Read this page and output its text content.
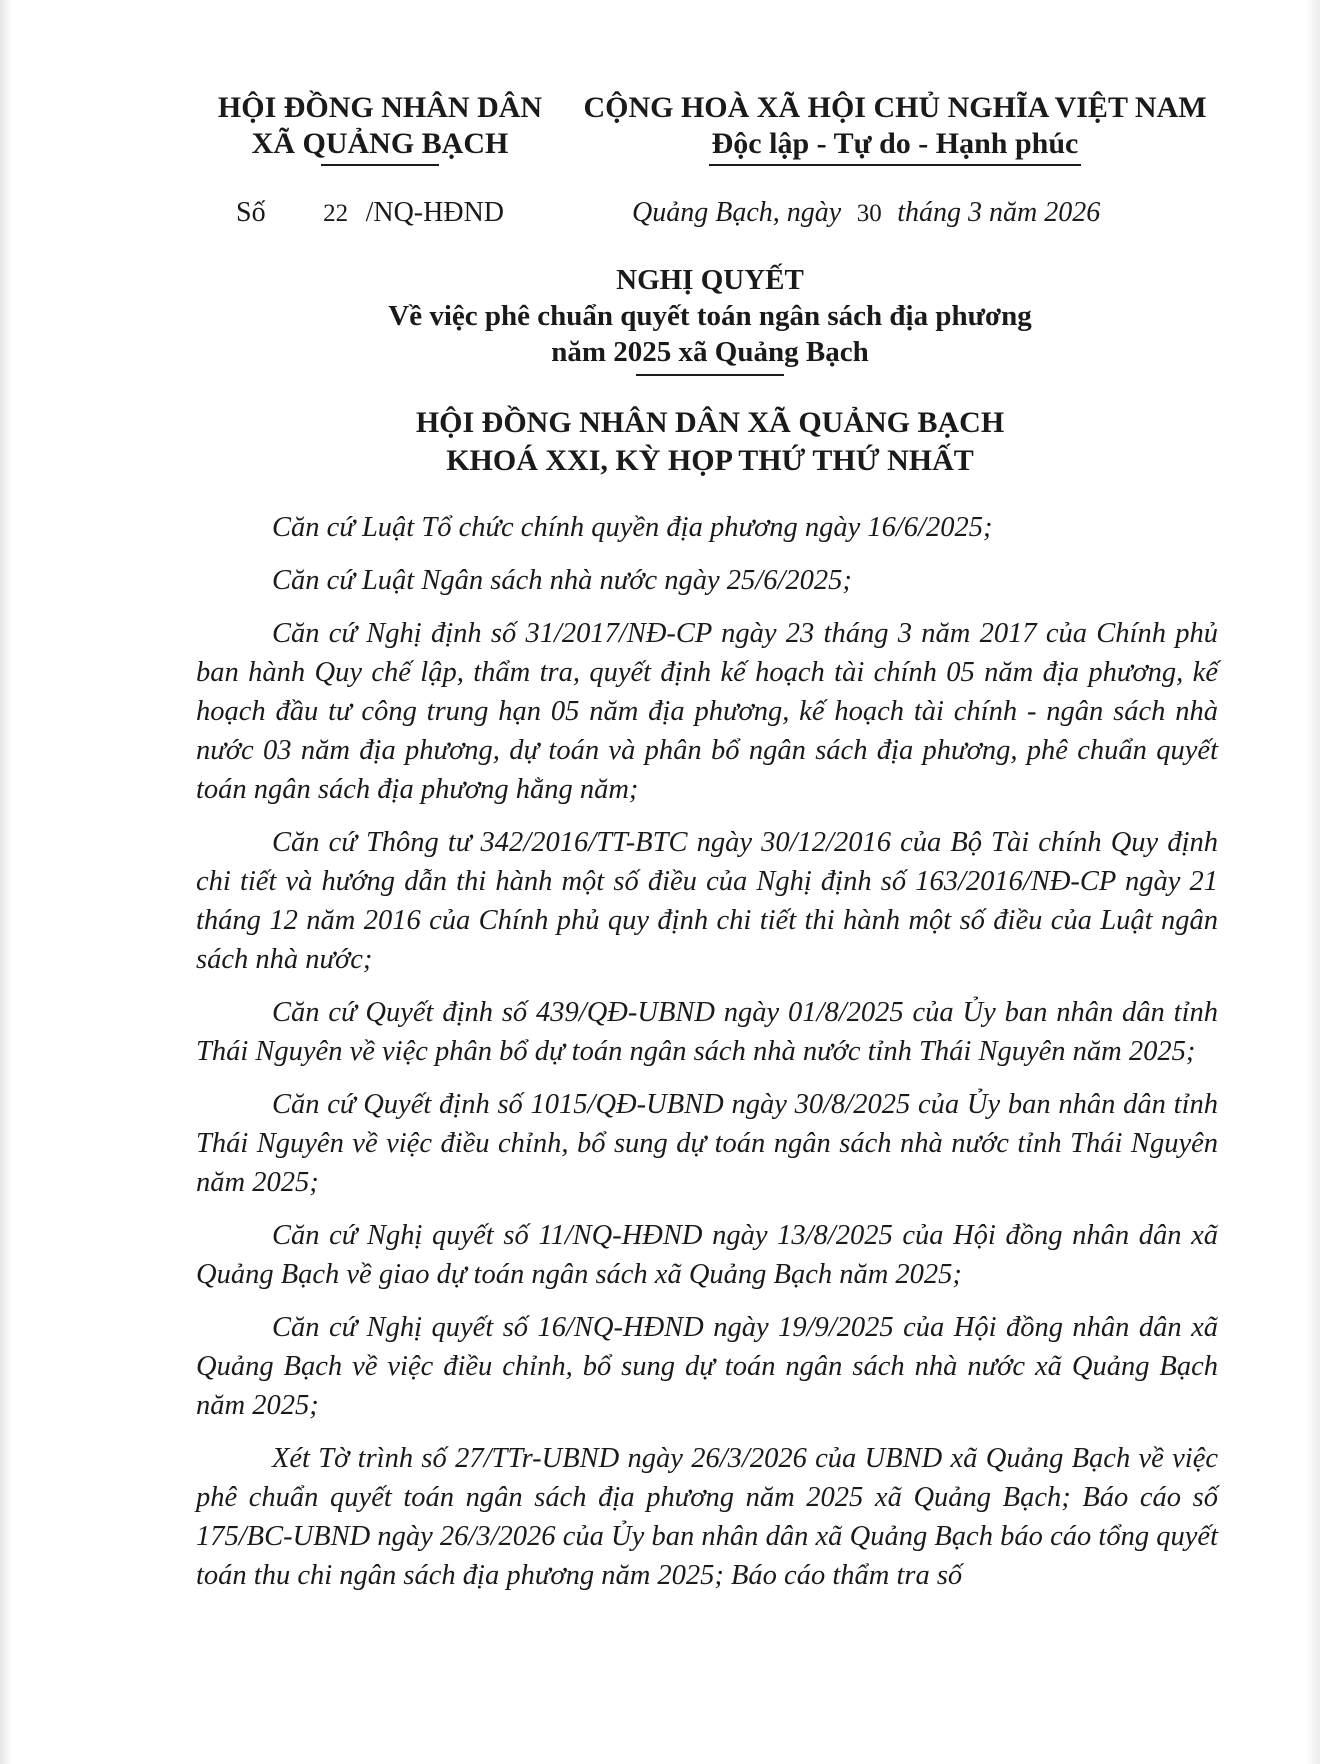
HỘI ĐỒNG NHÂN DÂN
XÃ QUẢNG BẠCH
CỘNG HOÀ XÃ HỘI CHỦ NGHĨA VIỆT NAM
Độc lập - Tự do - Hạnh phúc
Số 22 /NQ-HĐND	Quảng Bạch, ngày 30 tháng 3 năm 2026
NGHỊ QUYẾT
Về việc phê chuẩn quyết toán ngân sách địa phương
năm 2025 xã Quảng Bạch
HỘI ĐỒNG NHÂN DÂN XÃ QUẢNG BẠCH
KHOÁ XXI, KỲ HỌP THỨ THỨ NHẤT

Căn cứ Luật Tổ chức chính quyền địa phương ngày 16/6/2025;

Căn cứ Luật Ngân sách nhà nước ngày 25/6/2025;

Căn cứ Nghị định số 31/2017/NĐ-CP ngày 23 tháng 3 năm 2017 của Chính phủ ban hành Quy chế lập, thẩm tra, quyết định kế hoạch tài chính 05 năm địa phương, kế hoạch đầu tư công trung hạn 05 năm địa phương, kế hoạch tài chính - ngân sách nhà nước 03 năm địa phương, dự toán và phân bổ ngân sách địa phương, phê chuẩn quyết toán ngân sách địa phương hằng năm;

Căn cứ Thông tư 342/2016/TT-BTC ngày 30/12/2016 của Bộ Tài chính Quy định chi tiết và hướng dẫn thi hành một số điều của Nghị định số 163/2016/NĐ-CP ngày 21 tháng 12 năm 2016 của Chính phủ quy định chi tiết thi hành một số điều của Luật ngân sách nhà nước;

Căn cứ Quyết định số 439/QĐ-UBND ngày 01/8/2025 của Ủy ban nhân dân tỉnh Thái Nguyên về việc phân bổ dự toán ngân sách nhà nước tỉnh Thái Nguyên năm 2025;

Căn cứ Quyết định số 1015/QĐ-UBND ngày 30/8/2025 của Ủy ban nhân dân tỉnh Thái Nguyên về việc điều chỉnh, bổ sung dự toán ngân sách nhà nước tỉnh Thái Nguyên năm 2025;

Căn cứ Nghị quyết số 11/NQ-HĐND ngày 13/8/2025 của Hội đồng nhân dân xã Quảng Bạch về giao dự toán ngân sách xã Quảng Bạch năm 2025;

Căn cứ Nghị quyết số 16/NQ-HĐND ngày 19/9/2025 của Hội đồng nhân dân xã Quảng Bạch về việc điều chỉnh, bổ sung dự toán ngân sách nhà nước xã Quảng Bạch năm 2025;

Xét Tờ trình số 27/TTr-UBND ngày 26/3/2026 của UBND xã Quảng Bạch về việc phê chuẩn quyết toán ngân sách địa phương năm 2025 xã Quảng Bạch; Báo cáo số 175/BC-UBND ngày 26/3/2026 của Ủy ban nhân dân xã Quảng Bạch báo cáo tổng quyết toán thu chi ngân sách địa phương năm 2025; Báo cáo thẩm tra số
